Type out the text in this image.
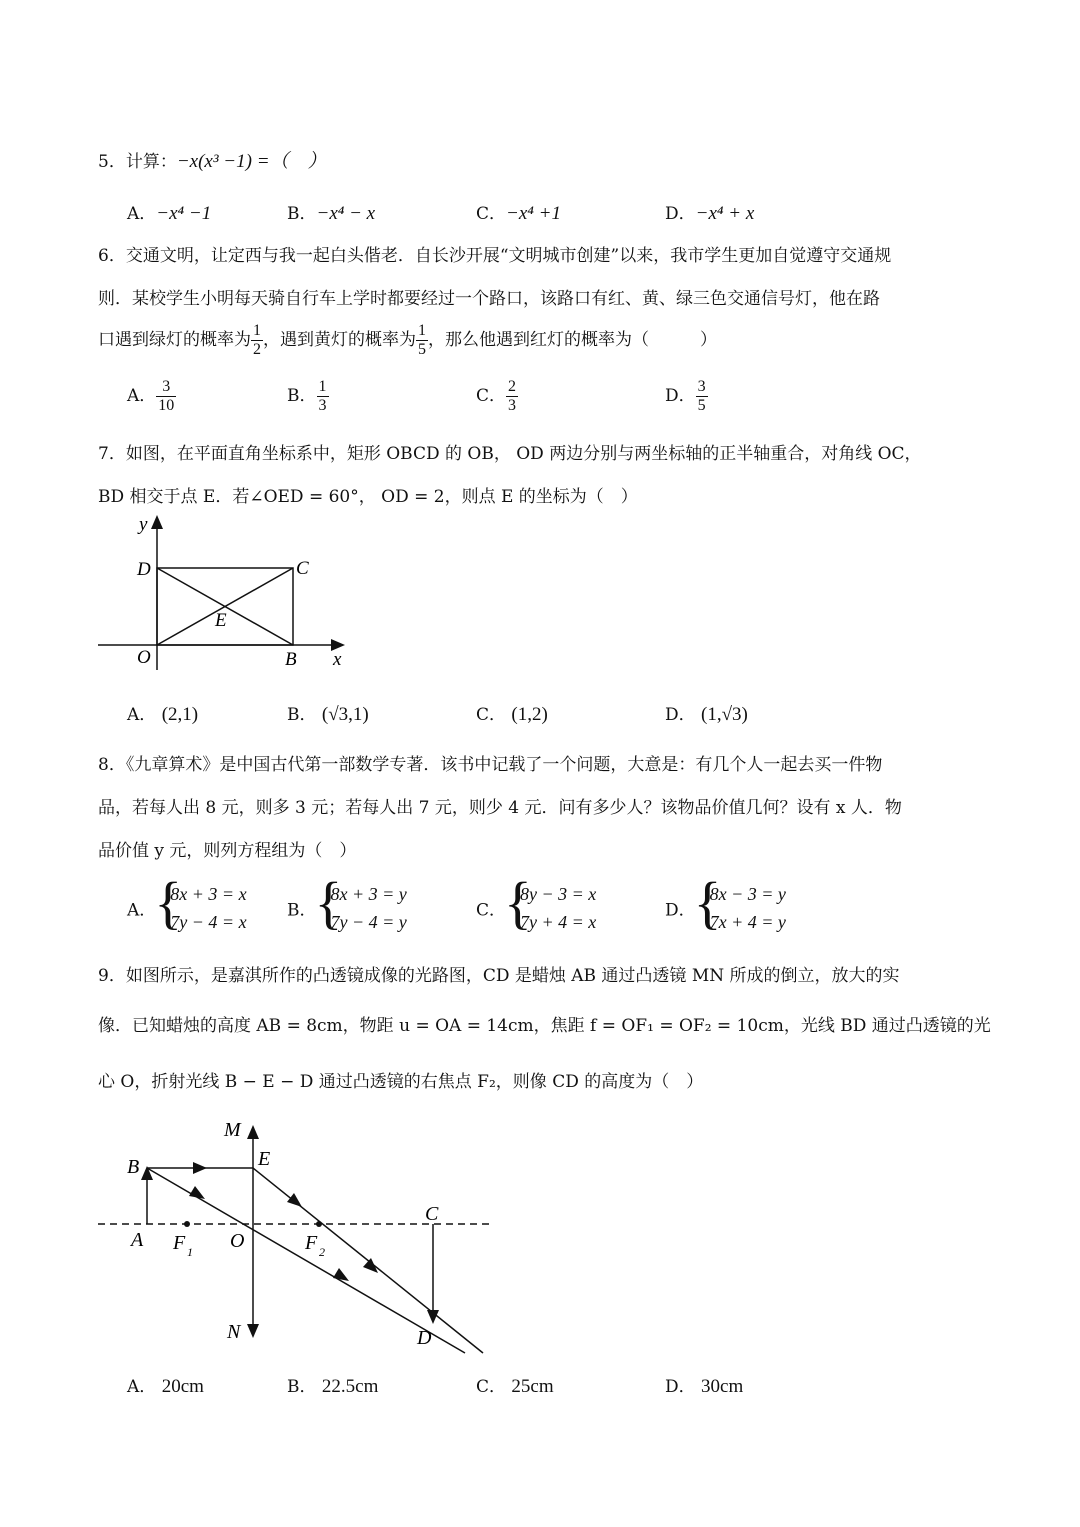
5．计算：−x(x³ −1) =（　）
A．−x⁴ −1	B．−x⁴ − x	C．−x⁴ +1	D．−x⁴ + x
6．交通文明，让定西与我一起白头偕老．自长沙开展“文明城市创建”以来，我市学生更加自觉遵守交通规
则．某校学生小明每天骑自行车上学时都要经过一个路口，该路口有红、黄、绿三色交通信号灯，他在路
口遇到绿灯的概率为 $\frac{1}{2}$ ，遇到黄灯的概率为 $\frac{1}{5}$ ，那么他遇到红灯的概率为（　　　）
A． $\frac{3}{10}$	B． $\frac{1}{3}$	C． $\frac{2}{3}$	D． $\frac{3}{5}$
7．如图，在平面直角坐标系中，矩形 OBCD 的 OB， OD 两边分别与两坐标轴的正半轴重合，对角线 OC，
BD 相交于点 E．若∠OED = 60°， OD = 2，则点 E 的坐标为（　）
y
x
D	C
E
O	B
A． (2,1)	B． (√3,1)	C． (1,2)	D． (1,√3)
8．《九章算术》是中国古代第一部数学专著．该书中记载了一个问题，大意是：有几个人一起去买一件物
品，若每人出 8 元，则多 3 元；若每人出 7 元，则少 4 元．问有多少人？该物品价值几何？设有 x 人．物
品价值 y 元，则列方程组为（　）
A．
{ 8x + 3 = x
7y − 4 = x
B．
{ 8x + 3 = y
7y − 4 = y
C．
{ 8y − 3 = x
7y + 4 = x
D．
{ 8x − 3 = y
7x + 4 = y
9．如图所示，是嘉淇所作的凸透镜成像的光路图，CD 是蜡烛 AB 通过凸透镜 MN 所成的倒立，放大的实
像．已知蜡烛的高度 AB = 8cm，物距 u = OA = 14cm，焦距 f = OF₁ = OF₂ = 10cm，光线 BD 通过凸透镜的光
心 O，折射光线 B − E − D 通过凸透镜的右焦点 F₂，则像 CD 的高度为（　）
M
B	E
C
A F 1 O	F 2
N	D
A． 20cm	B． 22.5cm	C． 25cm	D． 30cm
